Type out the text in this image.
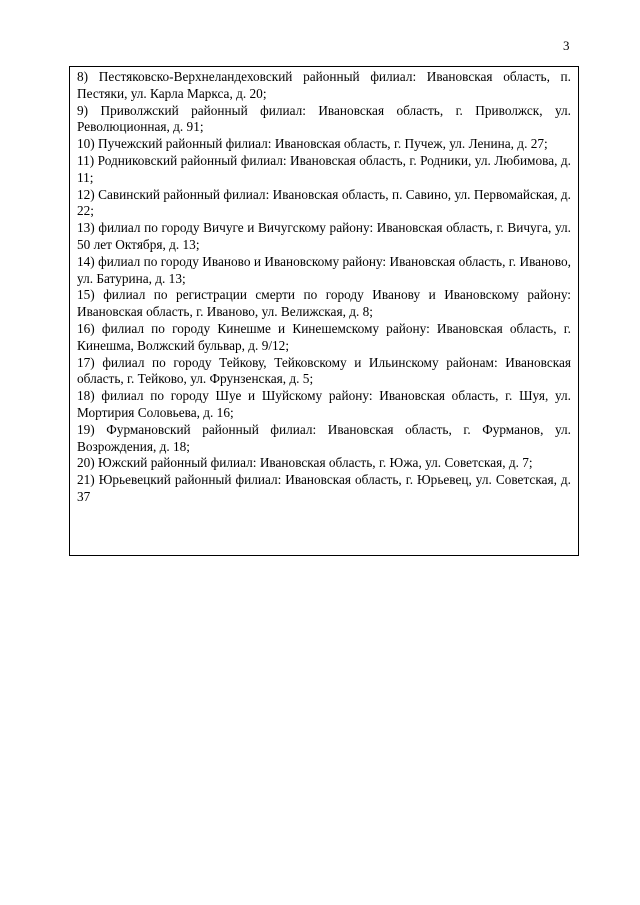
3

8) Пестяковско-Верхнеландеховский районный филиал: Ивановская область, п. Пестяки, ул. Карла Маркса, д. 20;

9) Приволжский районный филиал: Ивановская область, г. Приволжск, ул. Революционная, д. 91;

10) Пучежский районный филиал: Ивановская область, г. Пучеж, ул. Ленина, д. 27;

11) Родниковский районный филиал: Ивановская область, г. Родники, ул. Любимова, д. 11;

12) Савинский районный филиал: Ивановская область, п. Савино, ул. Первомайская, д. 22;

13) филиал по городу Вичуге и Вичугскому району: Ивановская область, г. Вичуга, ул. 50 лет Октября, д. 13;

14) филиал по городу Иваново и Ивановскому району: Ивановская область, г. Иваново, ул. Батурина, д. 13;

15) филиал по регистрации смерти по городу Иванову и Ивановскому району: Ивановская область, г. Иваново, ул. Велижская, д. 8;

16) филиал по городу Кинешме и Кинешемскому району: Ивановская область, г. Кинешма, Волжский бульвар, д. 9/12;

17) филиал по городу Тейкову, Тейковскому и Ильинскому районам: Ивановская область, г. Тейково, ул. Фрунзенская, д. 5;

18) филиал по городу Шуе и Шуйскому району: Ивановская область, г. Шуя, ул. Мортирия Соловьева, д. 16;

19) Фурмановский районный филиал: Ивановская область, г. Фурманов, ул. Возрождения, д. 18;

20) Южский районный филиал: Ивановская область, г. Южа, ул. Советская, д. 7;

21) Юрьевецкий районный филиал: Ивановская область, г. Юрьевец, ул. Советская, д. 37
